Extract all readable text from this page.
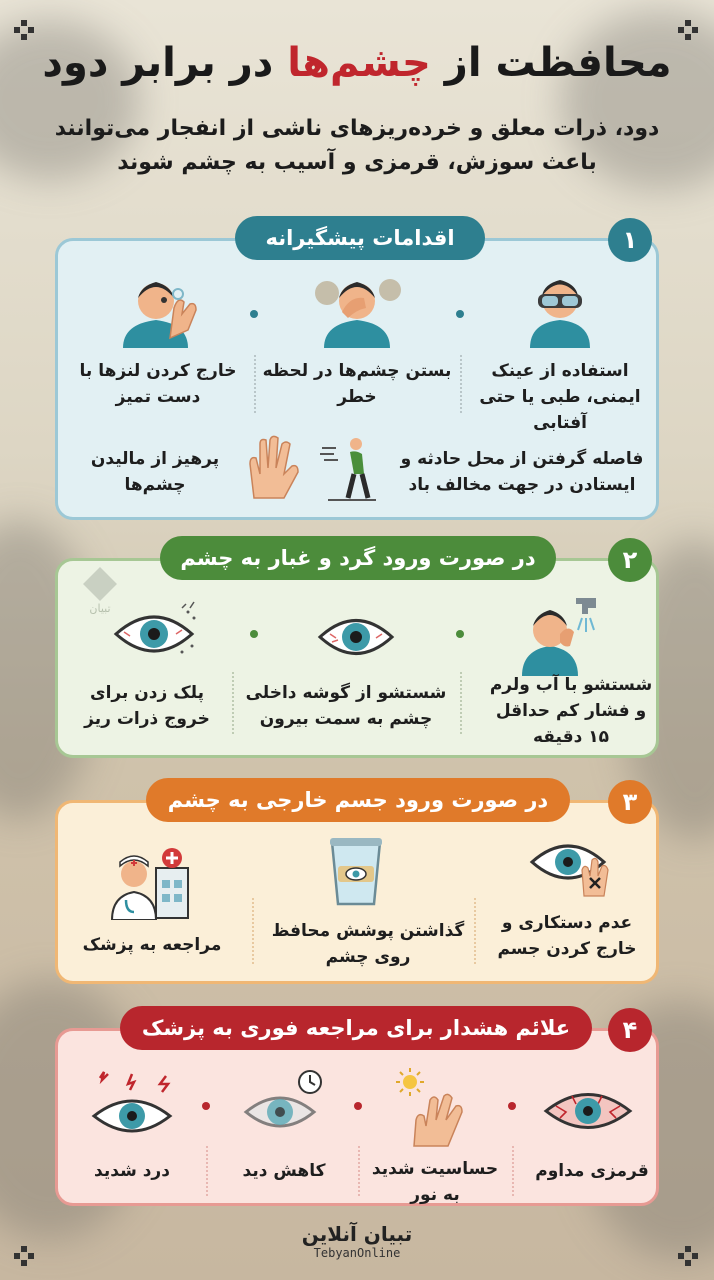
محافظت از چشم‌ها در برابر دود
دود، ذرات معلق و خرده‌ریزهای ناشی از انفجار می‌توانند
باعث سوزش، قرمزی و آسیب به چشم شوند
اقدامات پیشگیرانه	۱
استفاده از عینک ایمنی، طبی یا حتی آفتابی
بستن چشم‌ها در لحظه خطر
خارج کردن لنزها با دست تمیز
فاصله گرفتن از محل حادثه و ایستادن در جهت مخالف باد
پرهیز از مالیدن چشم‌ها
در صورت ورود گرد و غبار به چشم	۲
تبیان
شستشو با آب ولرم و فشار کم حداقل ۱۵ دقیقه
شستشو از گوشه داخلی چشم به سمت بیرون
پلک زدن برای خروج ذرات ریز
در صورت ورود جسم خارجی به چشم	۳
عدم دستکاری و خارج کردن جسم
گذاشتن پوشش محافظ روی چشم
مراجعه به پزشک
علائم هشدار برای مراجعه فوری به پزشک	۴
قرمزی مداوم
حساسیت شدید به نور
کاهش دید
درد شدید
تبیان آنلاین
TebyanOnline
